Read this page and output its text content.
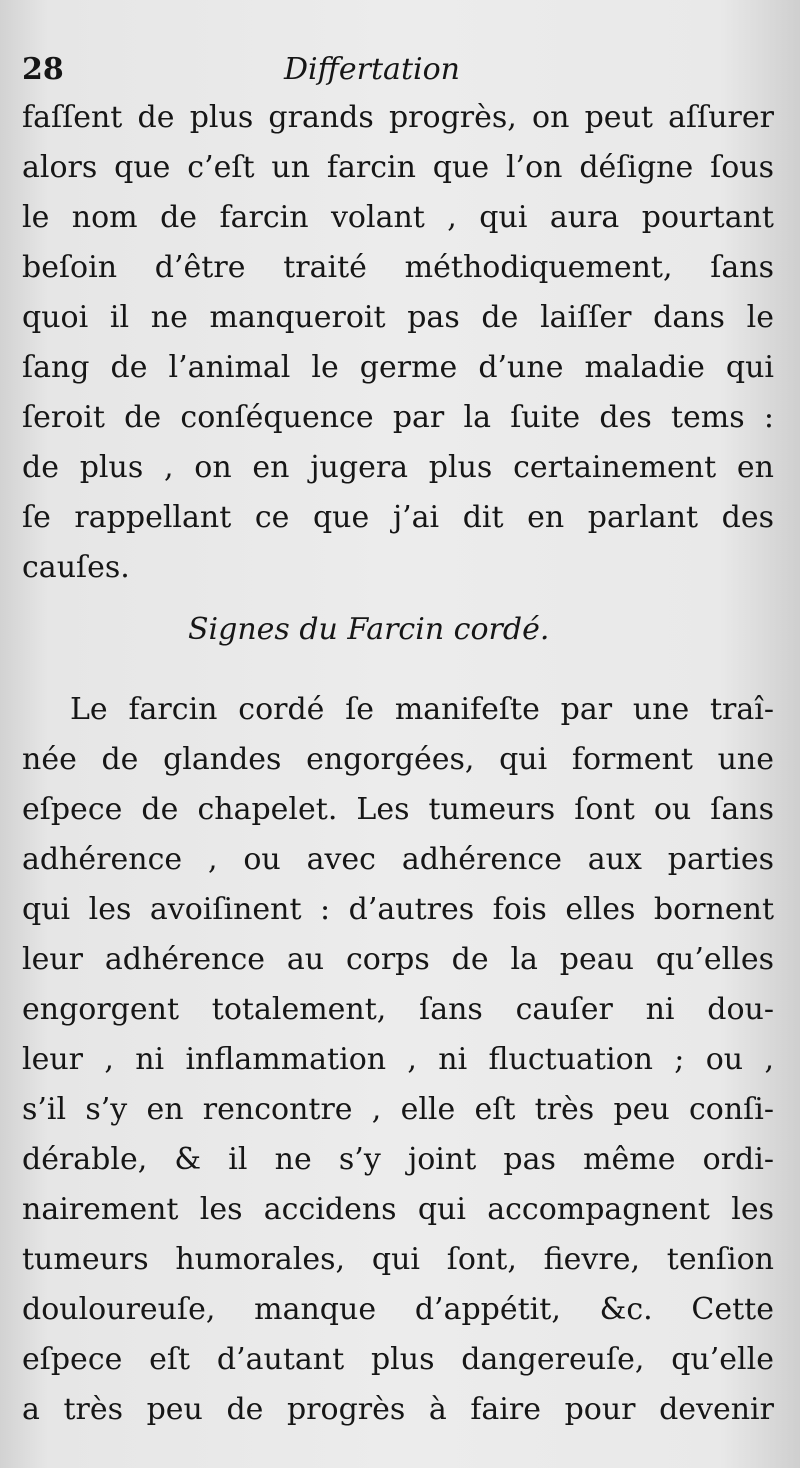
28	Differtation
faſſent de plus grands progrès, on peut aſſurer
alors que c’eſt un farcin que l’on déſigne ſous
le nom de farcin volant , qui aura pourtant
beſoin d’être traité méthodiquement, ſans
quoi il ne manqueroit pas de laiſſer dans le
ſang de l’animal le germe d’une maladie qui
ſeroit de conſéquence par la ſuite des tems :
de plus , on en jugera plus certainement en
ſe rappellant ce que j’ai dit en parlant des
cauſes.
Signes du Farcin cordé.
Le farcin cordé ſe manifeſte par une traî-
née de glandes engorgées, qui forment une
eſpece de chapelet. Les tumeurs ſont ou ſans
adhérence , ou avec adhérence aux parties
qui les avoiſinent : d’autres fois elles bornent
leur adhérence au corps de la peau qu’elles
engorgent totalement, ſans cauſer ni dou-
leur , ni inflammation , ni fluctuation ; ou ,
s’il s’y en rencontre , elle eſt très peu conſi-
dérable, & il ne s’y joint pas même ordi-
nairement les accidens qui accompagnent les
tumeurs humorales, qui ſont, fievre, tenſion
douloureuſe, manque d’appétit, &c. Cette
eſpece eſt d’autant plus dangereuſe, qu’elle
a très peu de progrès à faire pour devenir
